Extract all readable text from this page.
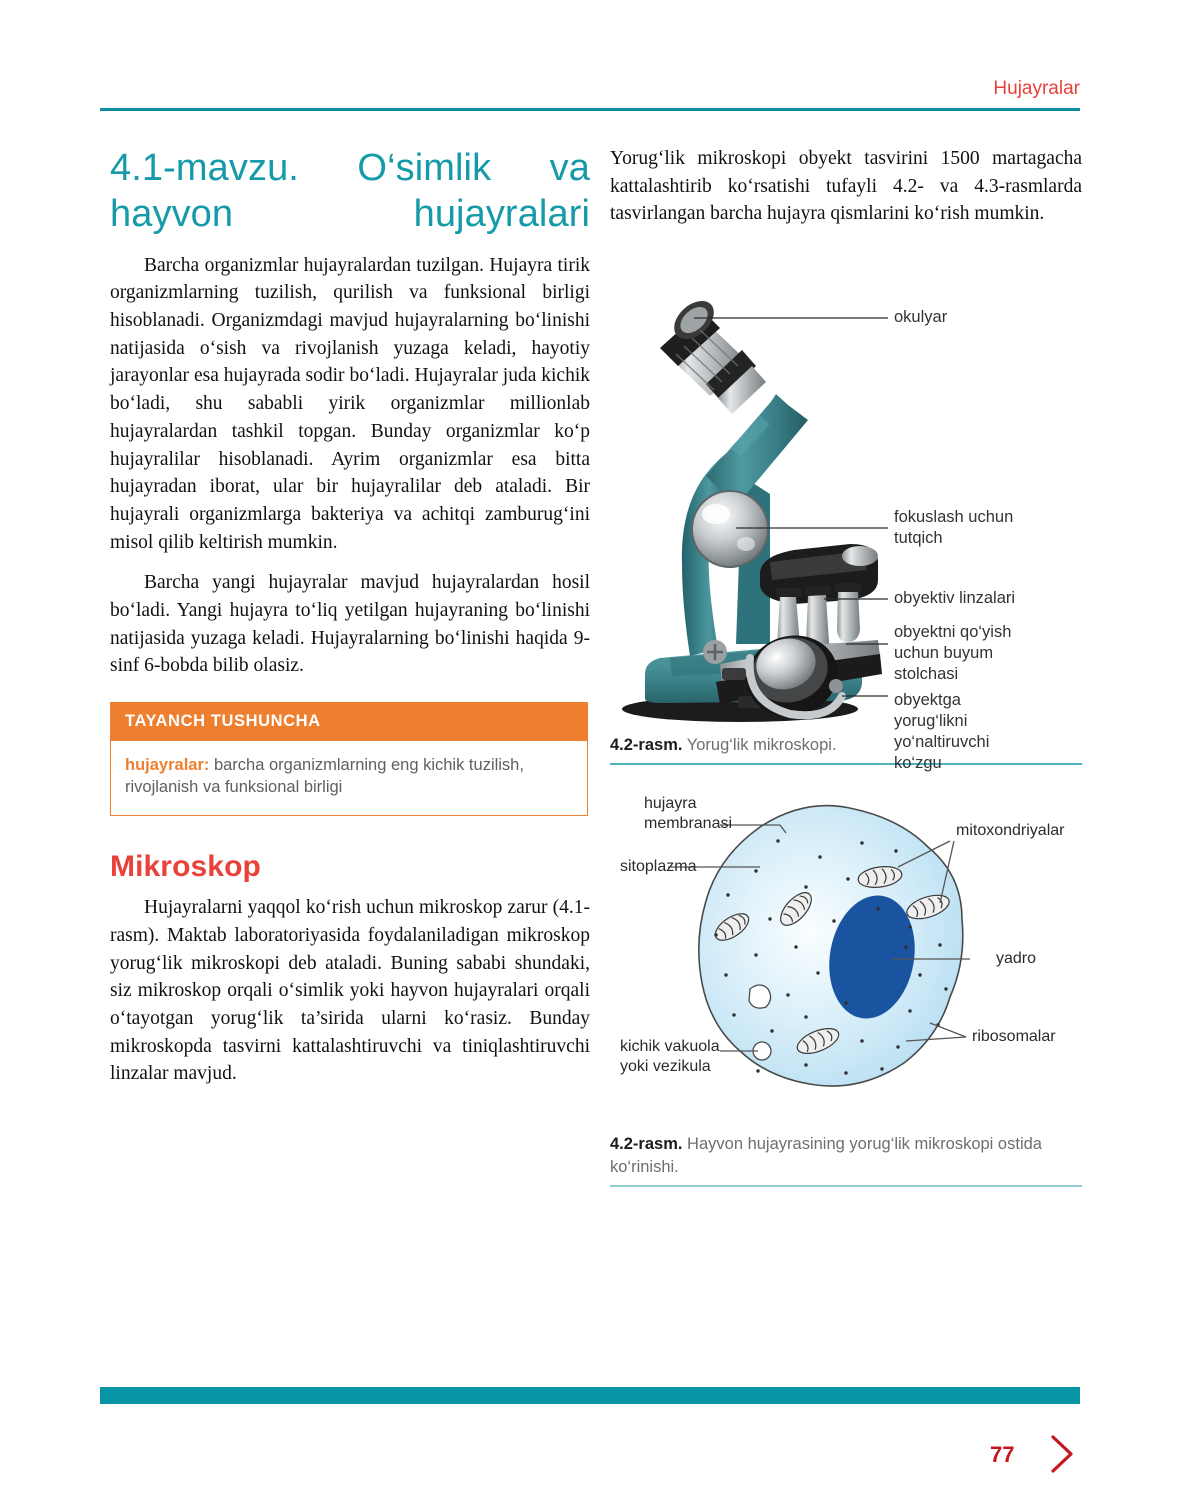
Hujayralar
4.1-mavzu. O‘simlik va hayvon hujayralari

Barcha organizmlar hujayralardan tuzilgan. Hujayra tirik organizmlarning tuzilish, qurilish va funksional birligi hisoblanadi. Organizmdagi mavjud hujayralarning bo‘linishi natijasida o‘sish va rivojlanish yuzaga keladi, hayotiy jarayonlar esa hujayrada sodir bo‘ladi. Hujayralar juda kichik bo‘ladi, shu sababli yirik organizmlar millionlab hujayralardan tashkil topgan. Bunday organizmlar ko‘p hujayralilar hisoblanadi. Ayrim organizmlar esa bitta hujayradan iborat, ular bir hujayralilar deb ataladi. Bir hujayrali organizmlarga bakteriya va achitqi zamburug‘ini misol qilib keltirish mumkin.

Barcha yangi hujayralar mavjud hujayralardan hosil bo‘ladi. Yangi hujayra to‘liq yetilgan hujayraning bo‘linishi natijasida yuzaga keladi. Hujayralarning bo‘linishi haqida 9-sinf 6-bobda bilib olasiz.

TAYANCH TUSHUNCHA
hujayralar: barcha organizmlarning eng kichik tuzilish, rivojlanish va funksional birligi
Mikroskop

Hujayralarni yaqqol ko‘rish uchun mikroskop zarur (4.1-rasm). Maktab laboratoriyasida foydalaniladigan mikroskop yorug‘lik mikroskopi deb ataladi. Buning sababi shundaki, siz mikroskop orqali o‘simlik yoki hayvon hujayralari orqali o‘tayotgan yorug‘lik ta’sirida ularni ko‘rasiz. Bunday mikroskopda tasvirni kattalashtiruvchi va tiniqlashtiruvchi linzalar mavjud.

Yorug‘lik mikroskopi obyekt tasvirini 1500 martagacha kattalashtirib ko‘rsatishi tufayli 4.2- va 4.3-rasmlarda tasvirlangan barcha hujayra qismlarini ko‘rish mumkin.

okulyar
fokuslash uchun tutqich
obyektiv linzalari
obyektni qo‘yish uchun buyum stolchasi
obyektga yorug‘likni yo‘naltiruvchi ko‘zgu
4.2-rasm. Yorug‘lik mikroskopi.
hujayra membranasi
sitoplazma
mitoxondriyalar
yadro
ribosomalar
kichik vakuola yoki vezikula
4.2-rasm. Hayvon hujayrasining yorug‘lik mikroskopi ostida ko‘rinishi.
77
